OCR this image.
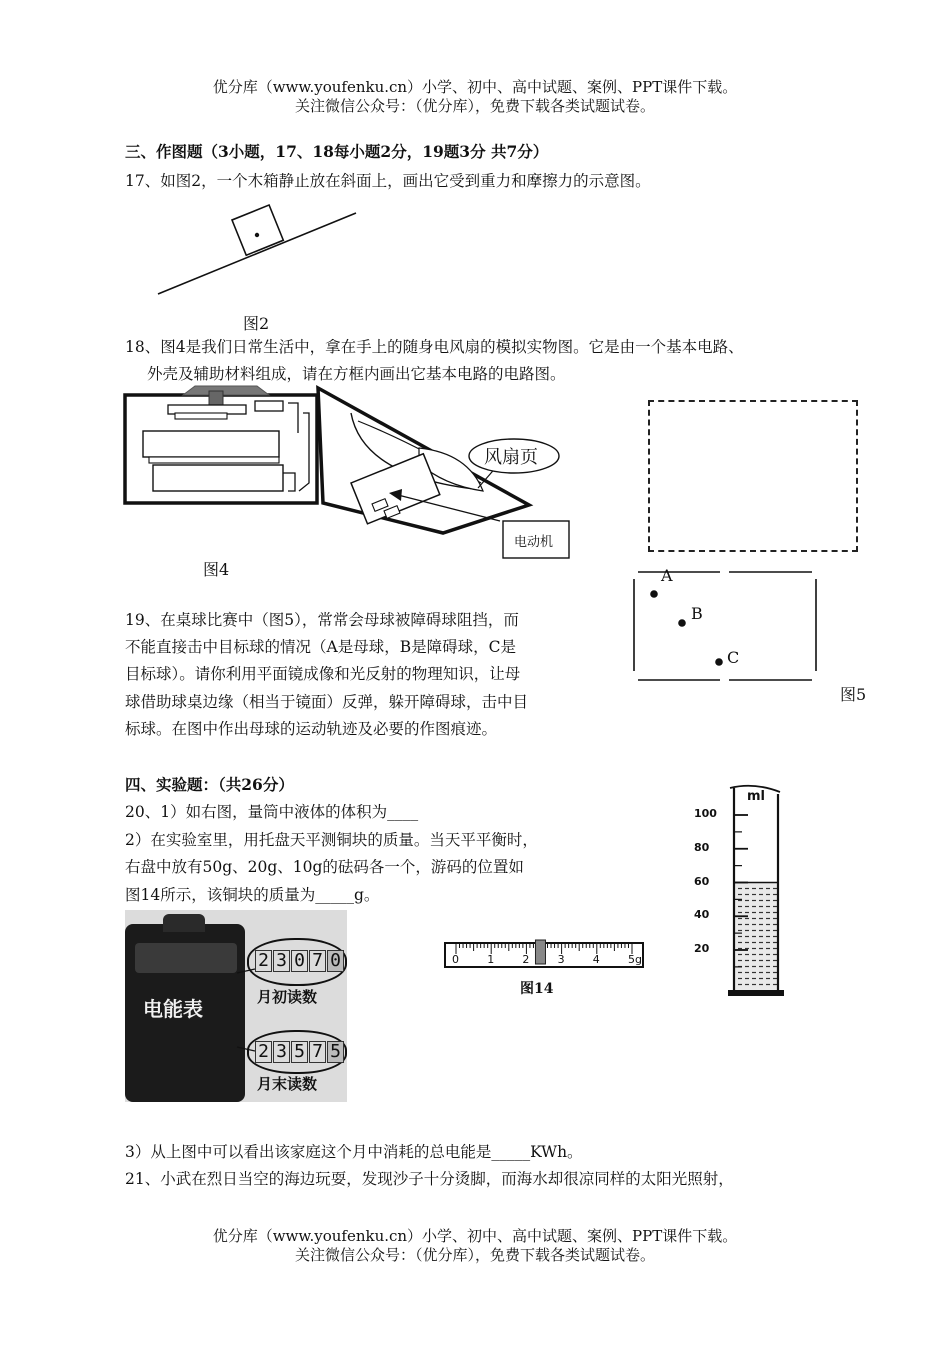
优分库（www.youfenku.cn）小学、初中、高中试题、案例、PPT课件下载。
关注微信公众号：（优分库），免费下载各类试题试卷。
三、作图题（3小题，17、18每小题2分，19题3分 共7分）
17、如图2，一个木箱静止放在斜面上，画出它受到重力和摩擦力的示意图。
图2
18、图4是我们日常生活中，拿在手上的随身电风扇的模拟实物图。它是由一个基本电路、
外壳及辅助材料组成，请在方框内画出它基本电路的电路图。
风扇页
电动机
图4
19、在桌球比赛中（图5），常常会母球被障碍球阻挡，而
不能直接击中目标球的情况（A是母球，B是障碍球，C是
目标球）。请你利用平面镜成像和光反射的物理知识，让母
球借助球桌边缘（相当于镜面）反弹，躲开障碍球，击中目
标球。在图中作出母球的运动轨迹及必要的作图痕迹。
A
B
C
图5
四、实验题：（共26分）
20、1）如右图，量筒中液体的体积为____
2）在实验室里，用托盘天平测铜块的质量。当天平平衡时，
右盘中放有50g、20g、10g的砝码各一个，游码的位置如
图14所示，该铜块的质量为_____g。
电能表
2 3 0 7 0
月初读数
2 3 5 7 5
月末读数
0	1	2	3	4	5g
图14
ml
100
80
60
40
20
3）从上图中可以看出该家庭这个月中消耗的总电能是_____KWh。
21、小武在烈日当空的海边玩耍，发现沙子十分烫脚，而海水却很凉同样的太阳光照射，
优分库（www.youfenku.cn）小学、初中、高中试题、案例、PPT课件下载。
关注微信公众号：（优分库），免费下载各类试题试卷。
